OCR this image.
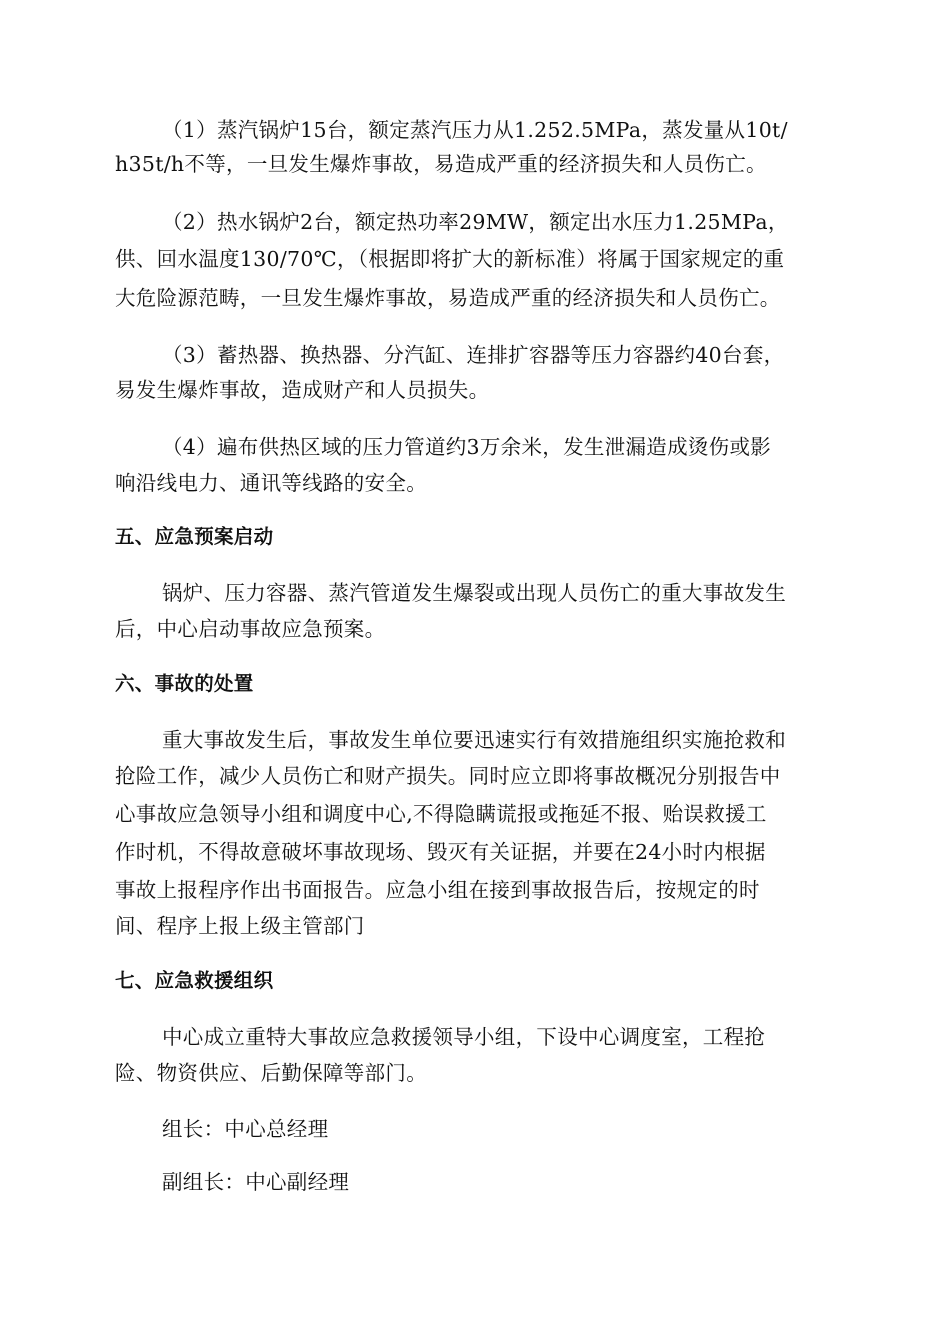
（1）蒸汽锅炉15台，额定蒸汽压力从1.252.5MPa，蒸发量从10t/
h35t/h不等，一旦发生爆炸事故，易造成严重的经济损失和人员伤亡。
（2）热水锅炉2台，额定热功率29MW，额定出水压力1.25MPa，
供、回水温度130/70℃，（根据即将扩大的新标准）将属于国家规定的重
大危险源范畴，一旦发生爆炸事故，易造成严重的经济损失和人员伤亡。
（3）蓄热器、换热器、分汽缸、连排扩容器等压力容器约40台套，
易发生爆炸事故，造成财产和人员损失。
（4）遍布供热区域的压力管道约3万余米，发生泄漏造成烫伤或影
响沿线电力、通讯等线路的安全。
五、应急预案启动
锅炉、压力容器、蒸汽管道发生爆裂或出现人员伤亡的重大事故发生
后，中心启动事故应急预案。
六、事故的处置
重大事故发生后，事故发生单位要迅速实行有效措施组织实施抢救和
抢险工作，减少人员伤亡和财产损失。同时应立即将事故概况分别报告中
心事故应急领导小组和调度中心,不得隐瞒谎报或拖延不报、贻误救援工
作时机，不得故意破坏事故现场、毁灭有关证据，并要在24小时内根据
事故上报程序作出书面报告。应急小组在接到事故报告后，按规定的时
间、程序上报上级主管部门
七、应急救援组织
中心成立重特大事故应急救援领导小组，下设中心调度室，工程抢
险、物资供应、后勤保障等部门。
组长：中心总经理
副组长：中心副经理
